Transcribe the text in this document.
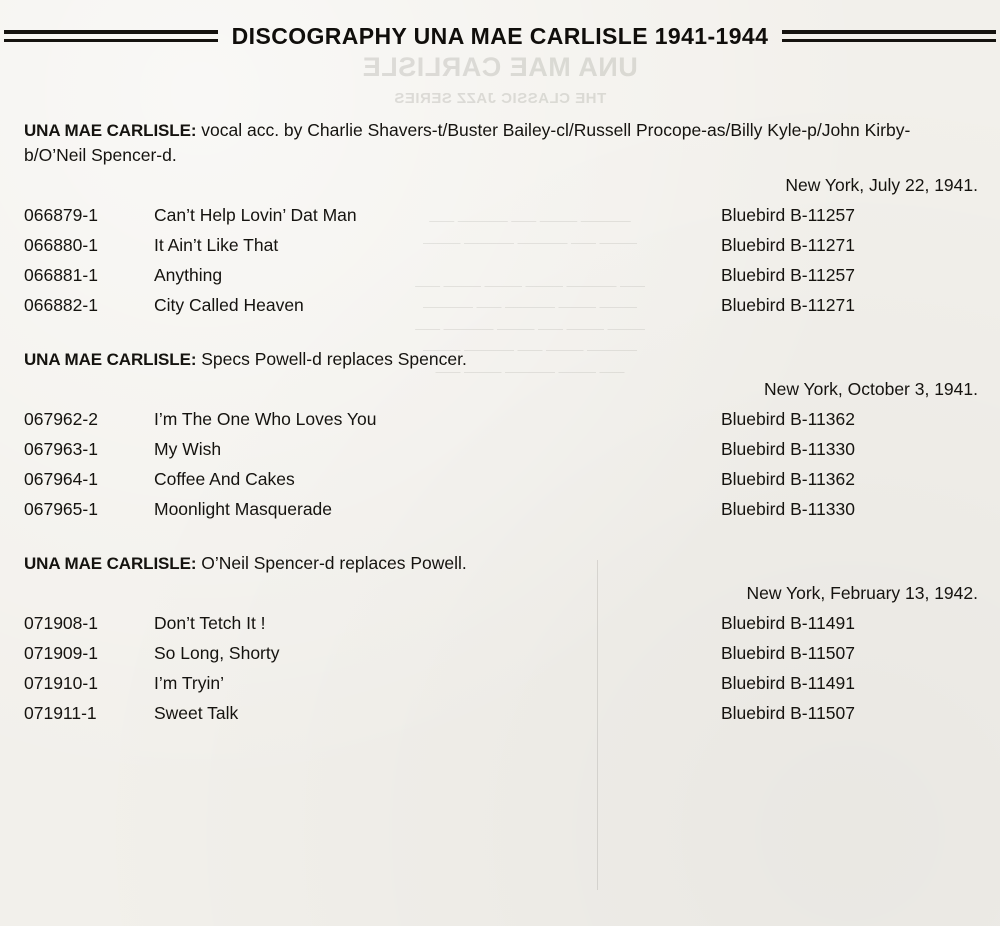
DISCOGRAPHY UNA MAE CARLISLE 1941-1944

UNA MAE CARLISLE: vocal acc. by Charlie Shavers-t/Buster Bailey-cl/Russell Procope-as/Billy Kyle-p/John Kirby-b/O’Neil Spencer-d.

New York, July 22, 1941.
066879-1	Can’t Help Lovin’ Dat Man	Bluebird B-11257
066880-1	It Ain’t Like That	Bluebird B-11271
066881-1	Anything	Bluebird B-11257
066882-1	City Called Heaven	Bluebird B-11271

UNA MAE CARLISLE: Specs Powell-d replaces Spencer.

New York, October 3, 1941.
067962-2	I’m The One Who Loves You	Bluebird B-11362
067963-1	My Wish	Bluebird B-11330
067964-1	Coffee And Cakes	Bluebird B-11362
067965-1	Moonlight Masquerade	Bluebird B-11330

UNA MAE CARLISLE: O’Neil Spencer-d replaces Powell.

New York, February 13, 1942.
071908-1	Don’t Tetch It !	Bluebird B-11491
071909-1	So Long, Shorty	Bluebird B-11507
071910-1	I’m Tryin’	Bluebird B-11491
071911-1	Sweet Talk	Bluebird B-11507
